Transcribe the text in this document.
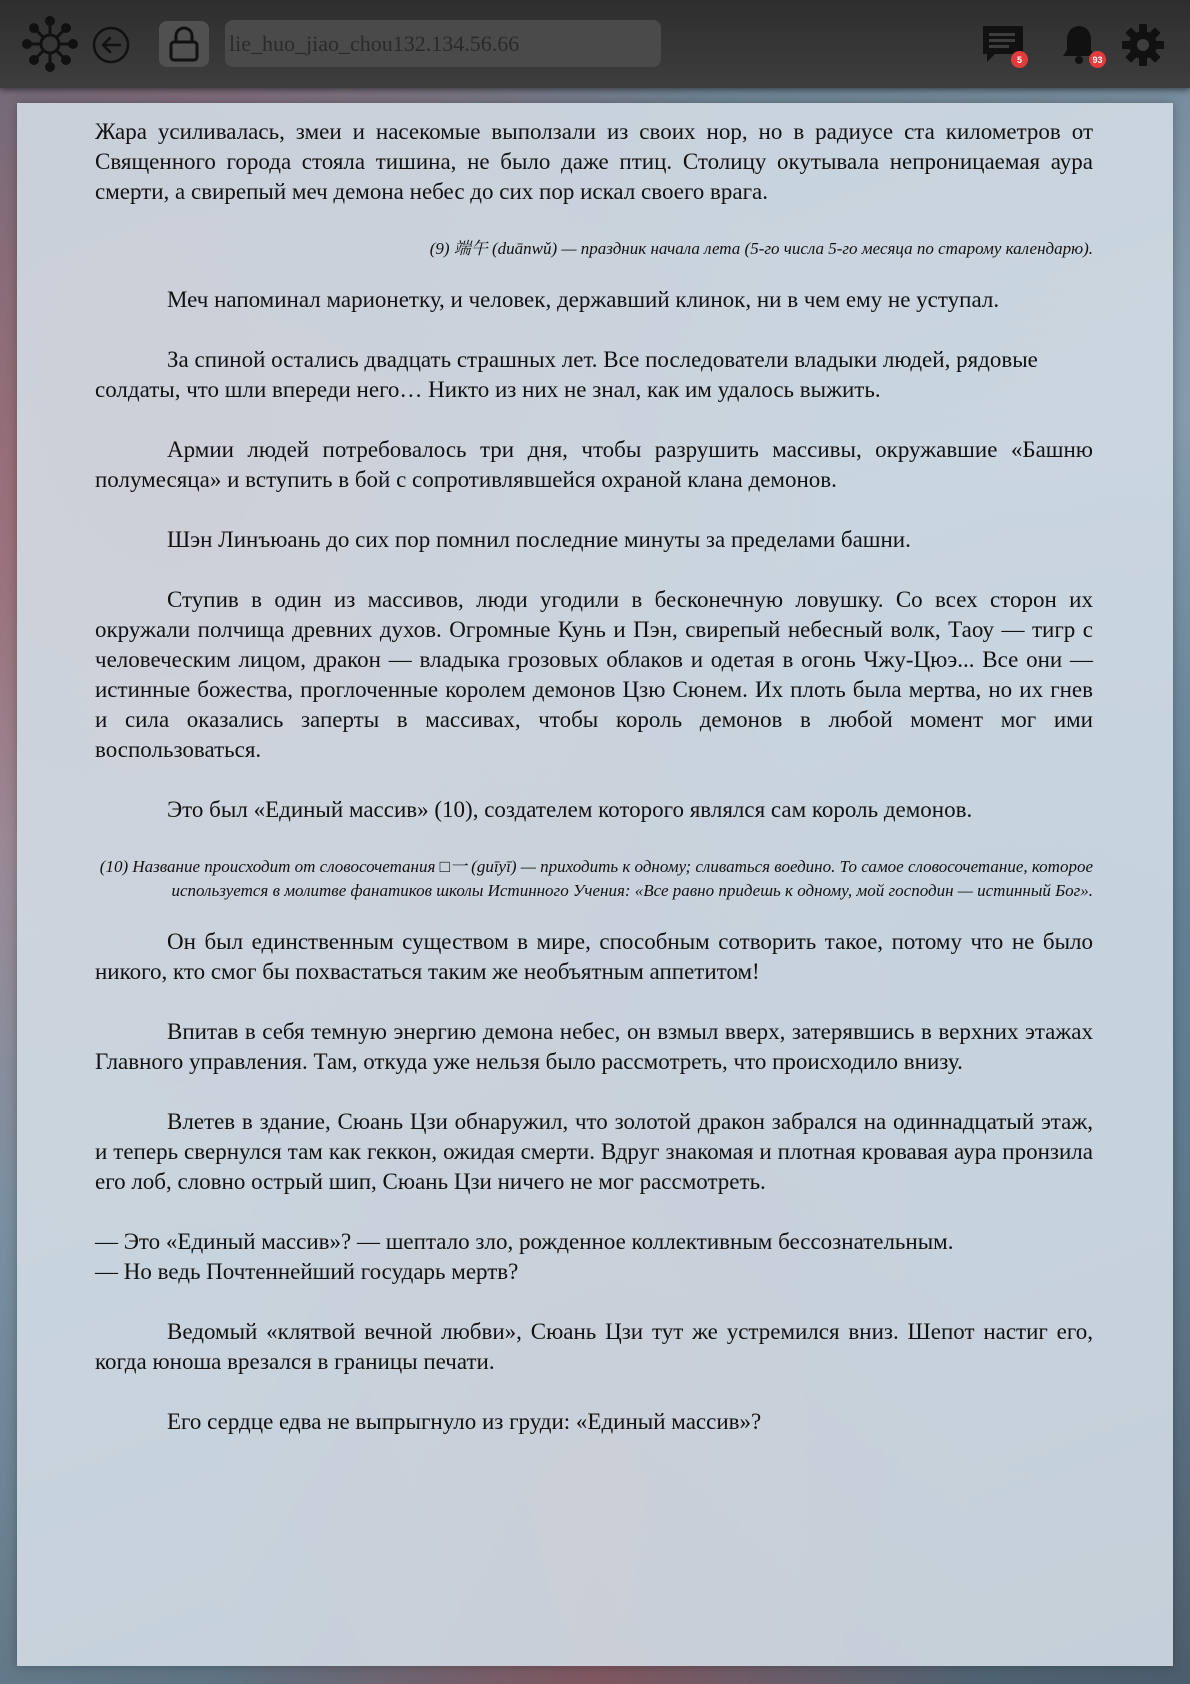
lie_huo_jiao_chou132.134.56.66
5	93

Жара усиливалась, змеи и насекомые выползали из своих нор, но в радиусе ста километров от Священного города стояла тишина, не было даже птиц. Столицу окутывала непроницаемая аура смерти, а свирепый меч демона небес до сих пор искал своего врага.

(9) 端午 (duānwǔ) — праздник начала лета (5-го числа 5-го месяца по старому календарю).

Меч напоминал марионетку, и человек, державший клинок, ни в чем ему не уступал.

За спиной остались двадцать страшных лет. Все последователи владыки людей, рядовые солдаты, что шли впереди него… Никто из них не знал, как им удалось выжить.

Армии людей потребовалось три дня, чтобы разрушить массивы, окружавшие «Башню полумесяца» и вступить в бой с сопротивлявшейся охраной клана демонов.

Шэн Линъюань до сих пор помнил последние минуты за пределами башни.

Ступив в один из массивов, люди угодили в бесконечную ловушку. Со всех сторон их окружали полчища древних духов. Огромные Кунь и Пэн, свирепый небесный волк, Таоу — тигр с человеческим лицом, дракон — владыка грозовых облаков и одетая в огонь Чжу-Цюэ... Все они — истинные божества, проглоченные королем демонов Цзю Сюнем. Их плоть была мертва, но их гнев и сила оказались заперты в массивах, чтобы король демонов в любой момент мог ими воспользоваться.

Это был «Единый массив» (10), создателем которого являлся сам король демонов.

(10) Название происходит от словосочетания □一 (guīyī) — приходить к одному; сливаться воедино. То самое словосочетание, которое используется в молитве фанатиков школы Истинного Учения: «Все равно придешь к одному, мой господин — истинный Бог».

Он был единственным существом в мире, способным сотворить такое, потому что не было никого, кто смог бы похвастаться таким же необъятным аппетитом!

Впитав в себя темную энергию демона небес, он взмыл вверх, затерявшись в верхних этажах Главного управления. Там, откуда уже нельзя было рассмотреть, что происходило внизу.

Влетев в здание, Сюань Цзи обнаружил, что золотой дракон забрался на одиннадцатый этаж, и теперь свернулся там как геккон, ожидая смерти. Вдруг знакомая и плотная кровавая аура пронзила его лоб, словно острый шип, Сюань Цзи ничего не мог рассмотреть.

— Это «Единый массив»? — шептало зло, рожденное коллективным бессознательным.

— Но ведь Почтеннейший государь мертв?

Ведомый «клятвой вечной любви», Сюань Цзи тут же устремился вниз. Шепот настиг его, когда юноша врезался в границы печати.

Его сердце едва не выпрыгнуло из груди: «Единый массив»?
